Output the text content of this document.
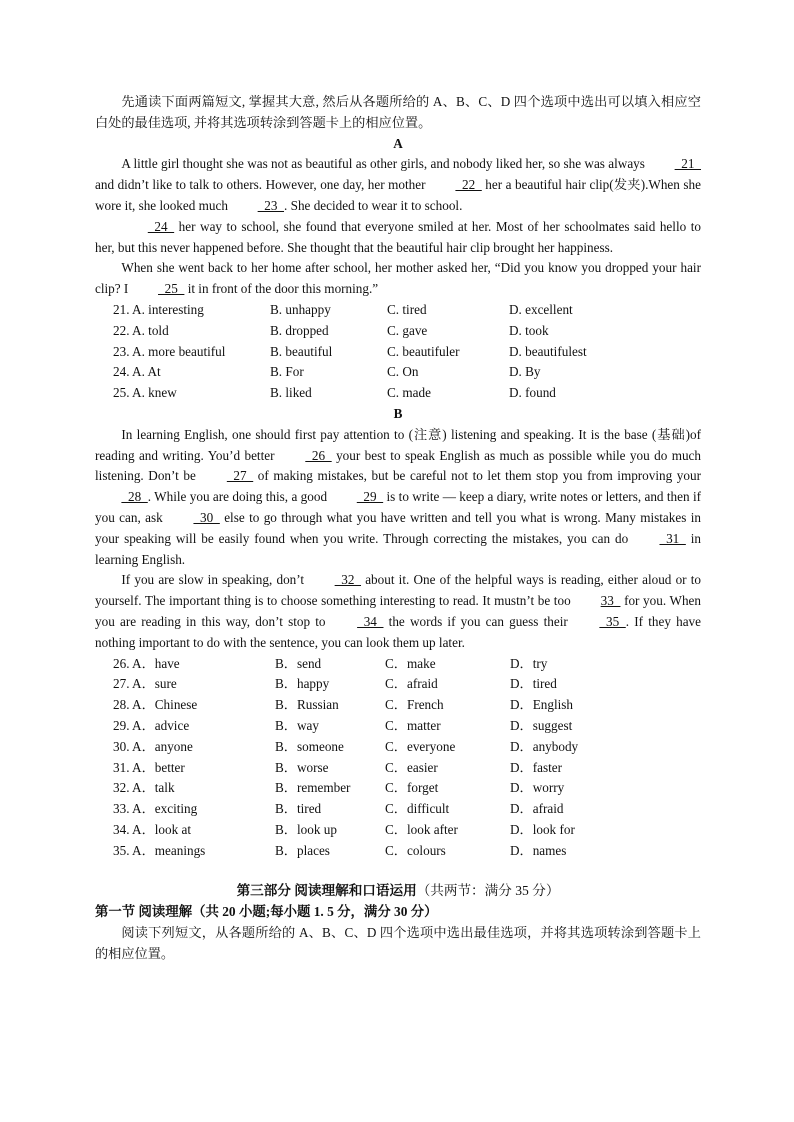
先通读下面两篇短文, 掌握其大意, 然后从各题所给的 A、B、C、D 四个选项中选出可以填入相应空白处的最佳选项, 并将其选项转涂到答题卡上的相应位置。

A

A little girl thought she was not as beautiful as other girls, and nobody liked her, so she was always   21   and didn’t like to talk to others. However, one day, her mother   22   her a beautiful hair clip(发夹).When she wore it, she looked much   23  . She decided to wear it to school.

24   her way to school, she found that everyone smiled at her. Most of her schoolmates said hello to her, but this never happened before. She thought that the beautiful hair clip brought her happiness.

When she went back to her home after school, her mother asked her, “Did you know you dropped your hair clip? I   25   it in front of the door this morning.”

21. A. interesting	B. unhappy	C. tired	D. excellent
22. A. told	B. dropped	C. gave	D. took
23. A. more beautiful	B. beautiful	C. beautifuler	D. beautifulest
24. A. At	B. For	C. On	D. By
25. A. knew	B. liked	C. made	D. found

B

In learning English, one should first pay attention to (注意) listening and speaking. It is the base (基础)of reading and writing. You’d better   26   your best to speak English as much as possible while you do much listening. Don’t be   27   of making mistakes, but be careful not to let them stop you from improving your   28  . While you are doing this, a good   29   is to write — keep a diary, write notes or letters, and then if you can, ask   30   else to go through what you have written and tell you what is wrong. Many mistakes in your speaking will be easily found when you write. Through correcting the mistakes, you can do   31   in learning English.

If you are slow in speaking, don’t   32   about it. One of the helpful ways is reading, either aloud or to yourself. The important thing is to choose something interesting to read. It mustn’t be too 33   for you. When you are reading in this way, don’t stop to   34   the words if you can guess their   35  . If they have nothing important to do with the sentence, you can look them up later.

26. A．have	B．send	C．make	D．try
27. A．sure	B．happy	C．afraid	D．tired
28. A．Chinese	B．Russian	C．French	D．English
29. A．advice	B．way	C．matter	D．suggest
30. A．anyone	B．someone	C．everyone	D．anybody
31. A．better	B．worse	C．easier	D．faster
32. A．talk	B．remember	C．forget	D．worry
33. A．exciting	B．tired	C．difficult	D．afraid
34. A．look at	B．look up	C．look after	D．look for
35. A．meanings	B．places	C．colours	D．names

第三部分 阅读理解和口语运用（共两节：满分 35 分）

第一节 阅读理解（共 20 小题;每小题 1. 5 分，满分 30 分）

阅读下列短文，从各题所给的 A、B、C、D 四个选项中选出最佳选项，并将其选项转涂到答题卡上的相应位置。
